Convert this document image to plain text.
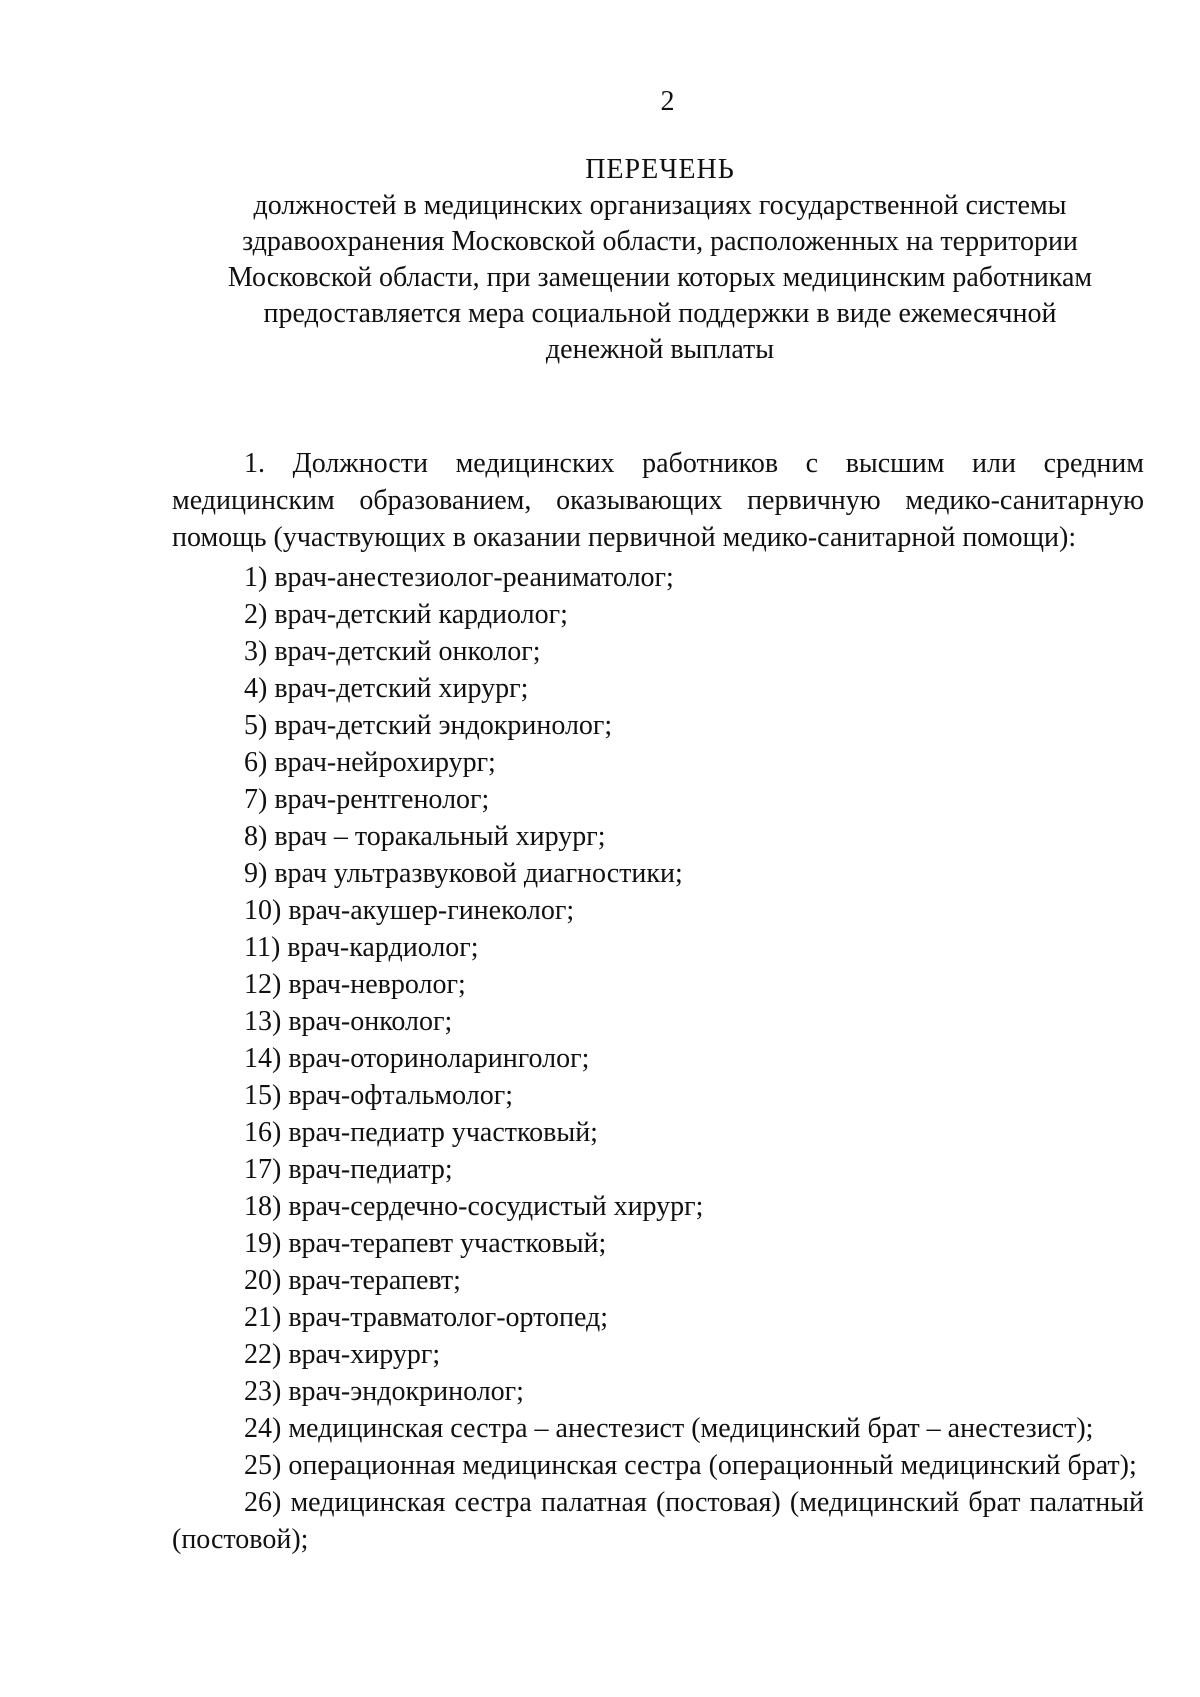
2
ПЕРЕЧЕНЬ
должностей в медицинских организациях государственной системы
здравоохранения Московской области, расположенных на территории
Московской области, при замещении которых медицинским работникам
предоставляется мера социальной поддержки в виде ежемесячной
денежной выплаты

1. Должности медицинских работников с высшим или средним медицинским образованием, оказывающих первичную медико-санитарную помощь (участвующих в оказании первичной медико-санитарной помощи):

1) врач-анестезиолог-реаниматолог;
2) врач-детский кардиолог;
3) врач-детский онколог;
4) врач-детский хирург;
5) врач-детский эндокринолог;
6) врач-нейрохирург;
7) врач-рентгенолог;
8) врач – торакальный хирург;
9) врач ультразвуковой диагностики;
10) врач-акушер-гинеколог;
11) врач-кардиолог;
12) врач-невролог;
13) врач-онколог;
14) врач-оториноларинголог;
15) врач-офтальмолог;
16) врач-педиатр участковый;
17) врач-педиатр;
18) врач-сердечно-сосудистый хирург;
19) врач-терапевт участковый;
20) врач-терапевт;
21) врач-травматолог-ортопед;
22) врач-хирург;
23) врач-эндокринолог;
24) медицинская сестра – анестезист (медицинский брат – анестезист);
25) операционная медицинская сестра (операционный медицинский брат);
26) медицинская сестра палатная (постовая) (медицинский брат палатный (постовой);
